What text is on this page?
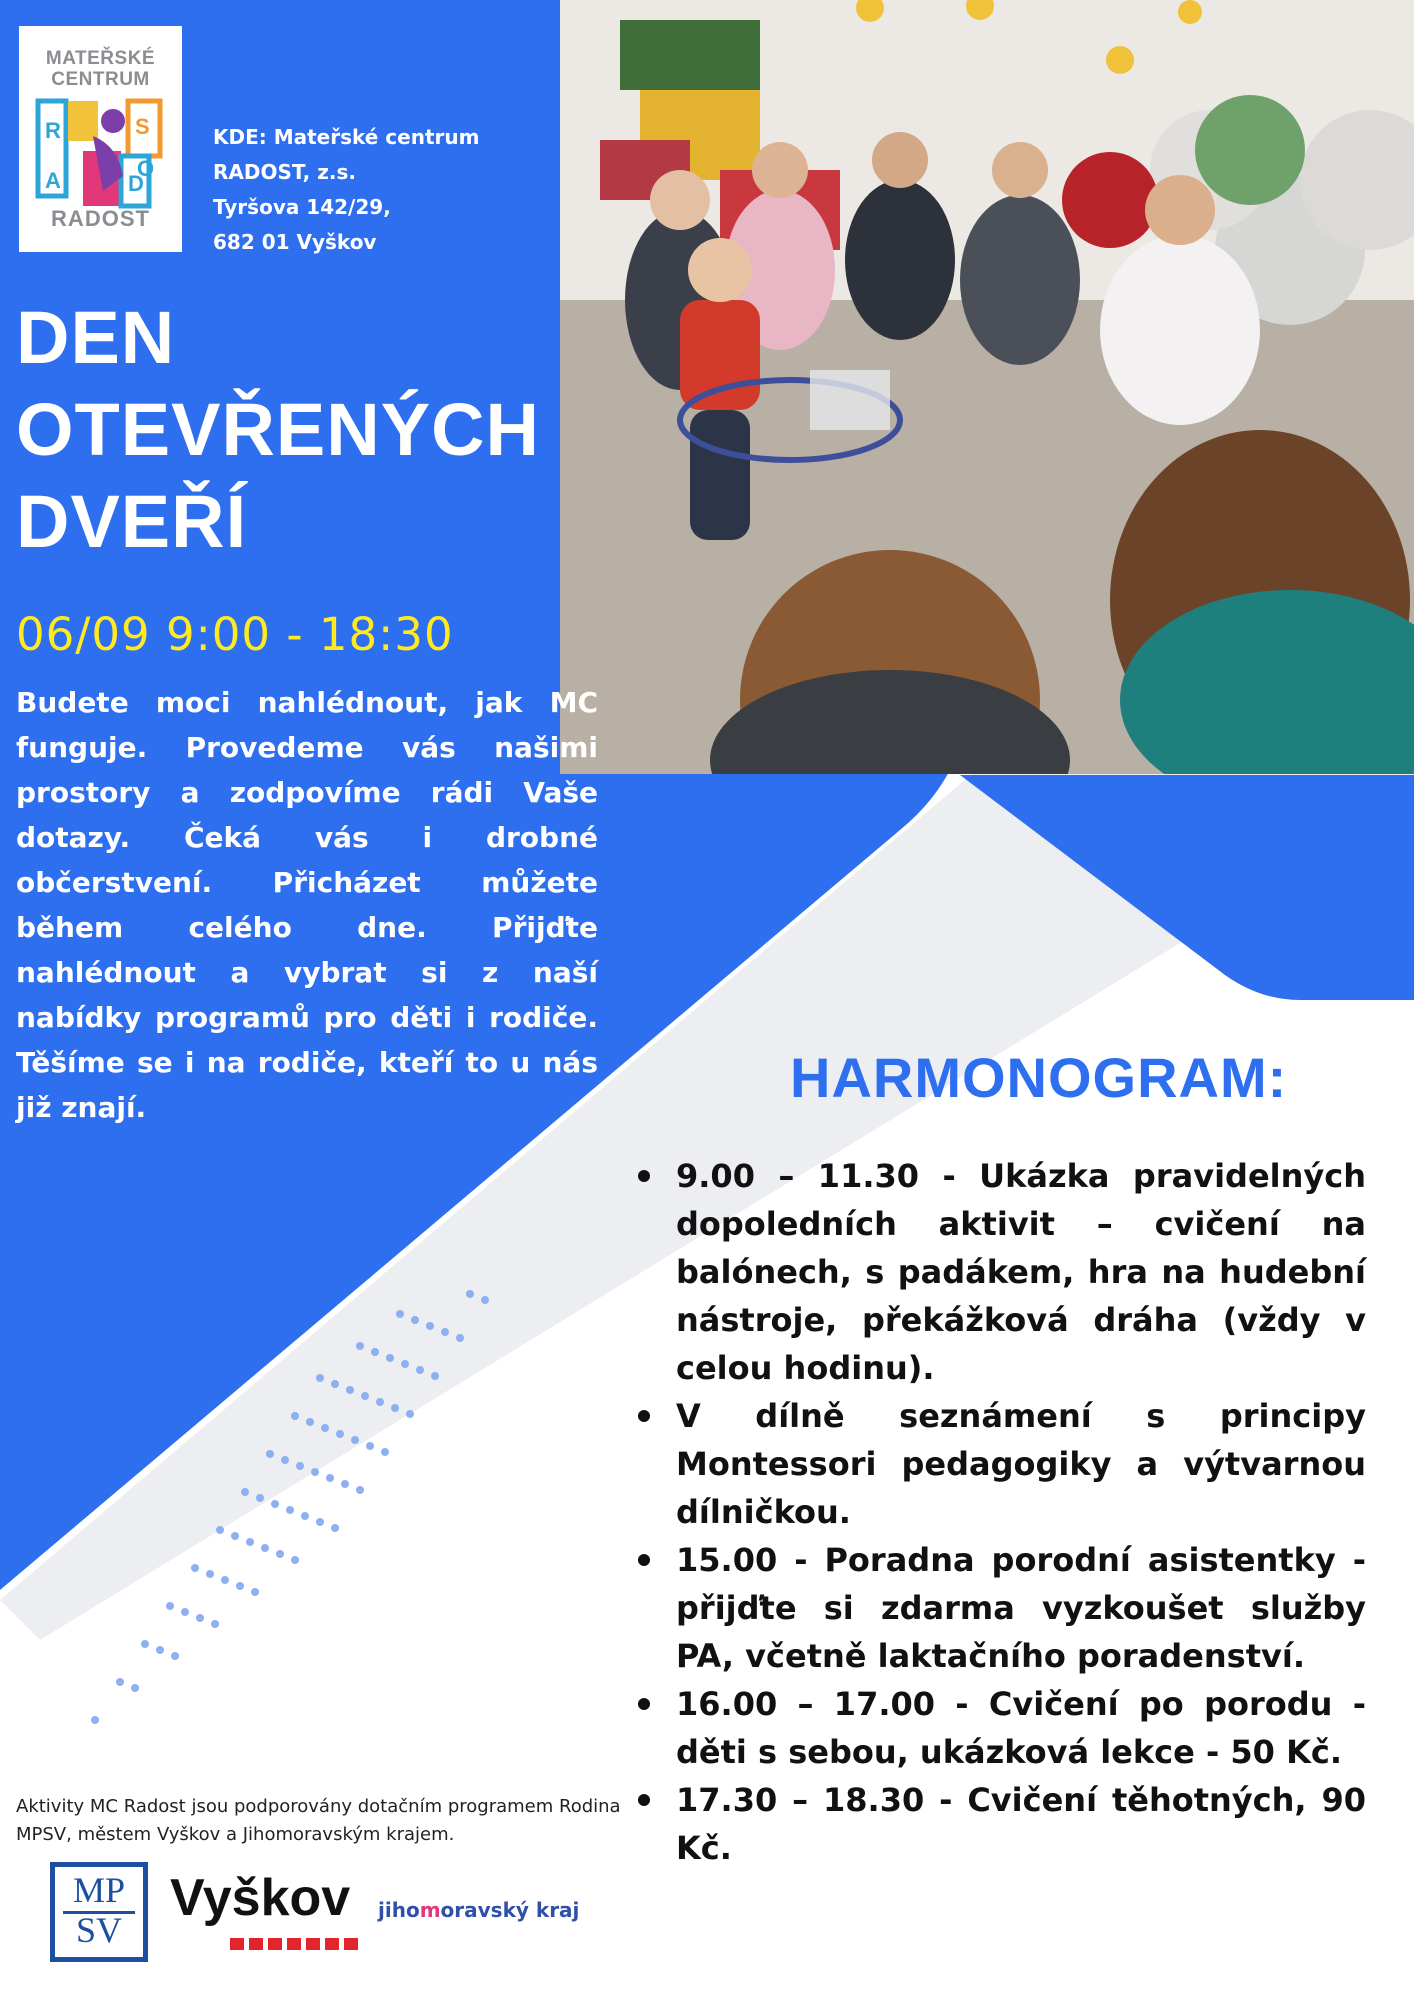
MATEŘSKÉ
CENTRUM
R
A	D
O
S
RADOST
KDE: Mateřské centrum
RADOST, z.s.
Tyršova 142/29,
682 01 Vyškov
DEN
OTEVŘENÝCH
DVEŘÍ
06/09 9:00 - 18:30
Budete moci nahlédnout, jak MC funguje. Provedeme vás našimi prostory a zodpovíme rádi Vaše dotazy. Čeká vás i drobné občerstvení. Přicházet můžete během celého dne. Přijďte nahlédnout a vybrat si z naší nabídky programů pro děti i rodiče. Těšíme se i na rodiče, kteří to u nás již znají.	HARMONOGRAM:
9.00 – 11.30 - Ukázka pravidelných dopoledních aktivit – cvičení na balónech, s padákem, hra na hudební nástroje, překážková dráha (vždy v celou hodinu).
V dílně seznámení s principy Montessori pedagogiky a výtvarnou dílničkou.
15.00 - Poradna porodní asistentky - přijďte si zdarma vyzkoušet služby PA, včetně laktačního poradenství.
16.00 – 17.00 - Cvičení po porodu - děti s sebou, ukázková lekce - 50 Kč.
17.30 – 18.30 - Cvičení těhotných, 90 Kč.
Aktivity MC Radost jsou podporovány dotačním programem Rodina MPSV, městem Vyškov a Jihomoravským krajem.
MP
SV
Vyškov jihomoravský kraj
